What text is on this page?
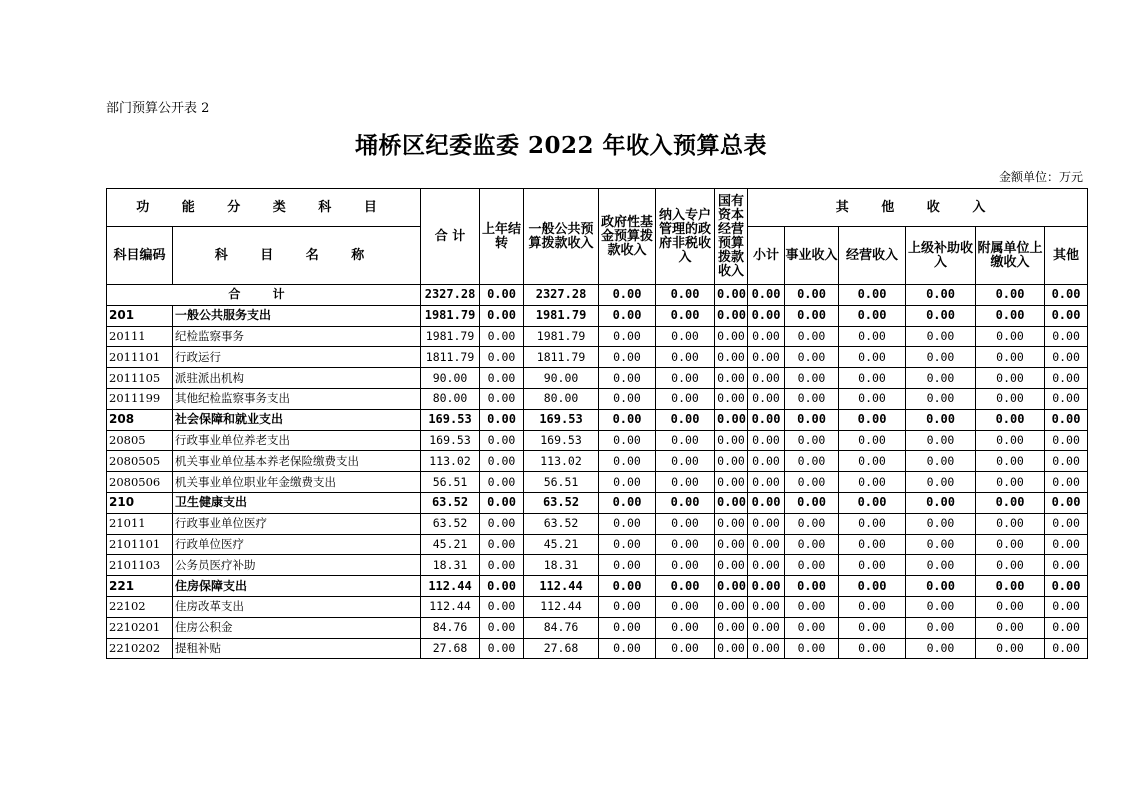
部门预算公开表 2
埇桥区纪委监委 2022 年收入预算总表
金额单位：万元
功 能 分 类 科 目		合 计	上年结转	一般公共预算拨款收入	政府性基金预算拨款收入	纳入专户管理的政府非税收入	国有资本经营预算拨款收入	其 他 收 入					
科目编码	科 目 名 称							小计	事业收入	经营收入	上级补助收入	附属单位上缴收入	其他
合 计		2327.28	0.00	2327.28	0.00	0.00	0.00	0.00	0.00	0.00	0.00	0.00	0.00
201	一般公共服务支出	1981.79	0.00	1981.79	0.00	0.00	0.00	0.00	0.00	0.00	0.00	0.00	0.00
20111	纪检监察事务	1981.79	0.00	1981.79	0.00	0.00	0.00	0.00	0.00	0.00	0.00	0.00	0.00
2011101	行政运行	1811.79	0.00	1811.79	0.00	0.00	0.00	0.00	0.00	0.00	0.00	0.00	0.00
2011105	派驻派出机构	90.00	0.00	90.00	0.00	0.00	0.00	0.00	0.00	0.00	0.00	0.00	0.00
2011199	其他纪检监察事务支出	80.00	0.00	80.00	0.00	0.00	0.00	0.00	0.00	0.00	0.00	0.00	0.00
208	社会保障和就业支出	169.53	0.00	169.53	0.00	0.00	0.00	0.00	0.00	0.00	0.00	0.00	0.00
20805	行政事业单位养老支出	169.53	0.00	169.53	0.00	0.00	0.00	0.00	0.00	0.00	0.00	0.00	0.00
2080505	机关事业单位基本养老保险缴费支出	113.02	0.00	113.02	0.00	0.00	0.00	0.00	0.00	0.00	0.00	0.00	0.00
2080506	机关事业单位职业年金缴费支出	56.51	0.00	56.51	0.00	0.00	0.00	0.00	0.00	0.00	0.00	0.00	0.00
210	卫生健康支出	63.52	0.00	63.52	0.00	0.00	0.00	0.00	0.00	0.00	0.00	0.00	0.00
21011	行政事业单位医疗	63.52	0.00	63.52	0.00	0.00	0.00	0.00	0.00	0.00	0.00	0.00	0.00
2101101	行政单位医疗	45.21	0.00	45.21	0.00	0.00	0.00	0.00	0.00	0.00	0.00	0.00	0.00
2101103	公务员医疗补助	18.31	0.00	18.31	0.00	0.00	0.00	0.00	0.00	0.00	0.00	0.00	0.00
221	住房保障支出	112.44	0.00	112.44	0.00	0.00	0.00	0.00	0.00	0.00	0.00	0.00	0.00
22102	住房改革支出	112.44	0.00	112.44	0.00	0.00	0.00	0.00	0.00	0.00	0.00	0.00	0.00
2210201	住房公积金	84.76	0.00	84.76	0.00	0.00	0.00	0.00	0.00	0.00	0.00	0.00	0.00
2210202	提租补贴	27.68	0.00	27.68	0.00	0.00	0.00	0.00	0.00	0.00	0.00	0.00	0.00
